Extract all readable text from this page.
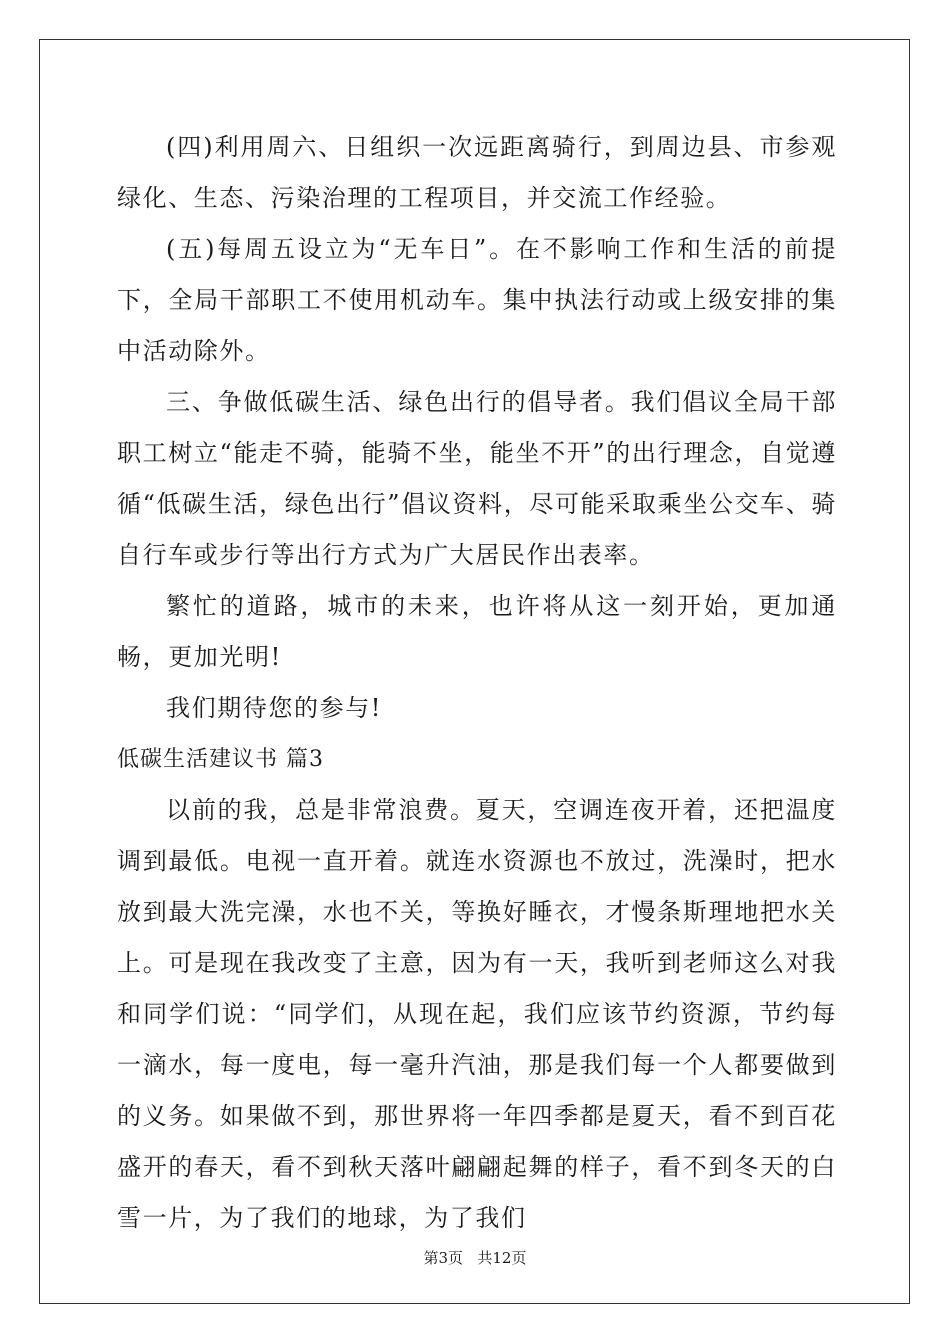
(四)利用周六、日组织一次远距离骑行，到周边县、市参观绿化、生态、污染治理的工程项目，并交流工作经验。

(五)每周五设立为“无车日”。在不影响工作和生活的前提下，全局干部职工不使用机动车。集中执法行动或上级安排的集中活动除外。

三、争做低碳生活、绿色出行的倡导者。我们倡议全局干部职工树立“能走不骑，能骑不坐，能坐不开”的出行理念，自觉遵循“低碳生活，绿色出行”倡议资料，尽可能采取乘坐公交车、骑自行车或步行等出行方式为广大居民作出表率。

繁忙的道路，城市的未来，也许将从这一刻开始，更加通畅，更加光明!

我们期待您的参与!

低碳生活建议书 篇3

以前的我，总是非常浪费。夏天，空调连夜开着，还把温度调到最低。电视一直开着。就连水资源也不放过，洗澡时，把水放到最大洗完澡，水也不关，等换好睡衣，才慢条斯理地把水关上。可是现在我改变了主意，因为有一天，我听到老师这么对我和同学们说：“同学们，从现在起，我们应该节约资源，节约每一滴水，每一度电，每一毫升汽油，那是我们每一个人都要做到的义务。如果做不到，那世界将一年四季都是夏天，看不到百花盛开的春天，看不到秋天落叶翩翩起舞的样子，看不到冬天的白雪一片，为了我们的地球，为了我们

第3页 共12页
